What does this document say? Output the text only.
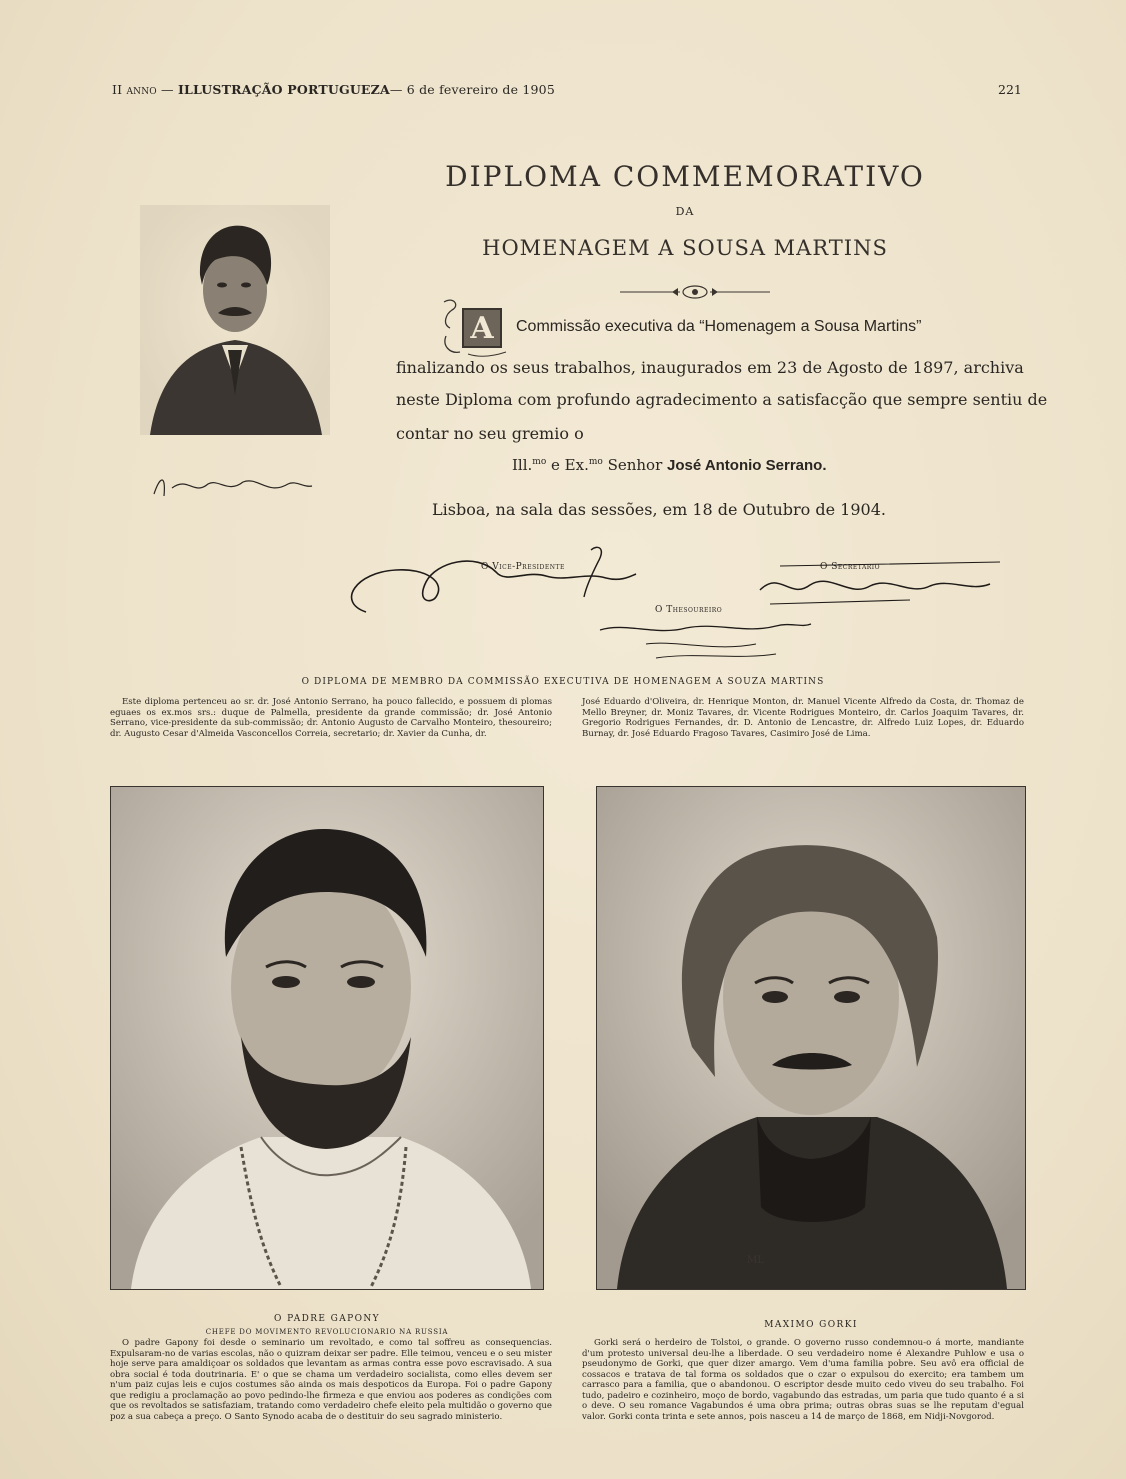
II anno — ILLUSTRAÇÃO PORTUGUEZA— 6 de fevereiro de 1905	221
DIPLOMA COMMEMORATIVO
DA
HOMENAGEM A SOUSA MARTINS
A	Commissão executiva da “Homenagem a Sousa Martins”
finalizando os seus trabalhos, inaugurados em 23 de Agosto de 1897, archiva
neste Diploma com profundo agradecimento a satisfacção que sempre sentiu de
contar no seu gremio o
Ill.$^{mo}$ e Ex.$^{mo}$ Senhor José Antonio Serrano.
Lisboa, na sala das sessões, em 18 de Outubro de 1904.
O Vice-Presidente	O Secretario
O Thesoureiro
O DIPLOMA DE MEMBRO DA COMMISSÃO EXECUTIVA DE HOMENAGEM A SOUZA MARTINS
Este diploma pertenceu ao sr. dr. José Antonio Serrano, ha pouco fallecido, e possuem di plomas eguaes os ex.mos srs.: duque de Palmella, presidente da grande commissão; dr. José Antonio Serrano, vice-presidente da sub-commissão; dr. Antonio Augusto de Carvalho Monteiro, thesoureiro; dr. Augusto Cesar d'Almeida Vasconcellos Correia, secretario; dr. Xavier da Cunha, dr.
José Eduardo d'Oliveira, dr. Henrique Monton, dr. Manuel Vicente Alfredo da Costa, dr. Thomaz de Mello Breyner, dr. Moniz Tavares, dr. Vicente Rodrigues Monteiro, dr. Carlos Joaquim Tavares, dr. Gregorio Rodrigues Fernandes, dr. D. Antonio de Lencastre, dr. Alfredo Luiz Lopes, dr. Eduardo Burnay, dr. José Eduardo Fragoso Tavares, Casimiro José de Lima.
ML
O PADRE GAPONY
CHEFE DO MOVIMENTO REVOLUCIONARIO NA RUSSIA
MAXIMO GORKI
O padre Gapony foi desde o seminario um revoltado, e como tal soffreu as consequencias. Expulsaram-no de varias escolas, não o quizram deixar ser padre. Elle teimou, venceu e o seu mister hoje serve para amaldiçoar os soldados que levantam as armas contra esse povo escravisado. A sua obra social é toda doutrinaria. E' o que se chama um verdadeiro socialista, como elles devem ser n'um paiz cujas leis e cujos costumes são ainda os mais despoticos da Europa. Foi o padre Gapony que redigiu a proclamação ao povo pedindo-lhe firmeza e que enviou aos poderes as condições com que os revoltados se satisfaziam, tratando como verdadeiro chefe eleito pela multidão o governo que poz a sua cabeça a preço. O Santo Synodo acaba de o destituir do seu sagrado ministerio.
Gorki será o herdeiro de Tolstoi, o grande. O governo russo condemnou-o á morte, mandiante d'um protesto universal deu-lhe a liberdade. O seu verdadeiro nome é Alexandre Puhlow e usa o pseudonymo de Gorki, que quer dizer amargo. Vem d'uma familia pobre. Seu avô era official de cossacos e tratava de tal forma os soldados que o czar o expulsou do exercito; era tambem um carrasco para a familia, que o abandonou. O escriptor desde muito cedo viveu do seu trabalho. Foi tudo, padeiro e cozinheiro, moço de bordo, vagabundo das estradas, um paria que tudo quanto é a si o deve. O seu romance Vagabundos é uma obra prima; outras obras suas se lhe reputam d'egual valor. Gorki conta trinta e sete annos, pois nasceu a 14 de março de 1868, em Nidji-Novgorod.
